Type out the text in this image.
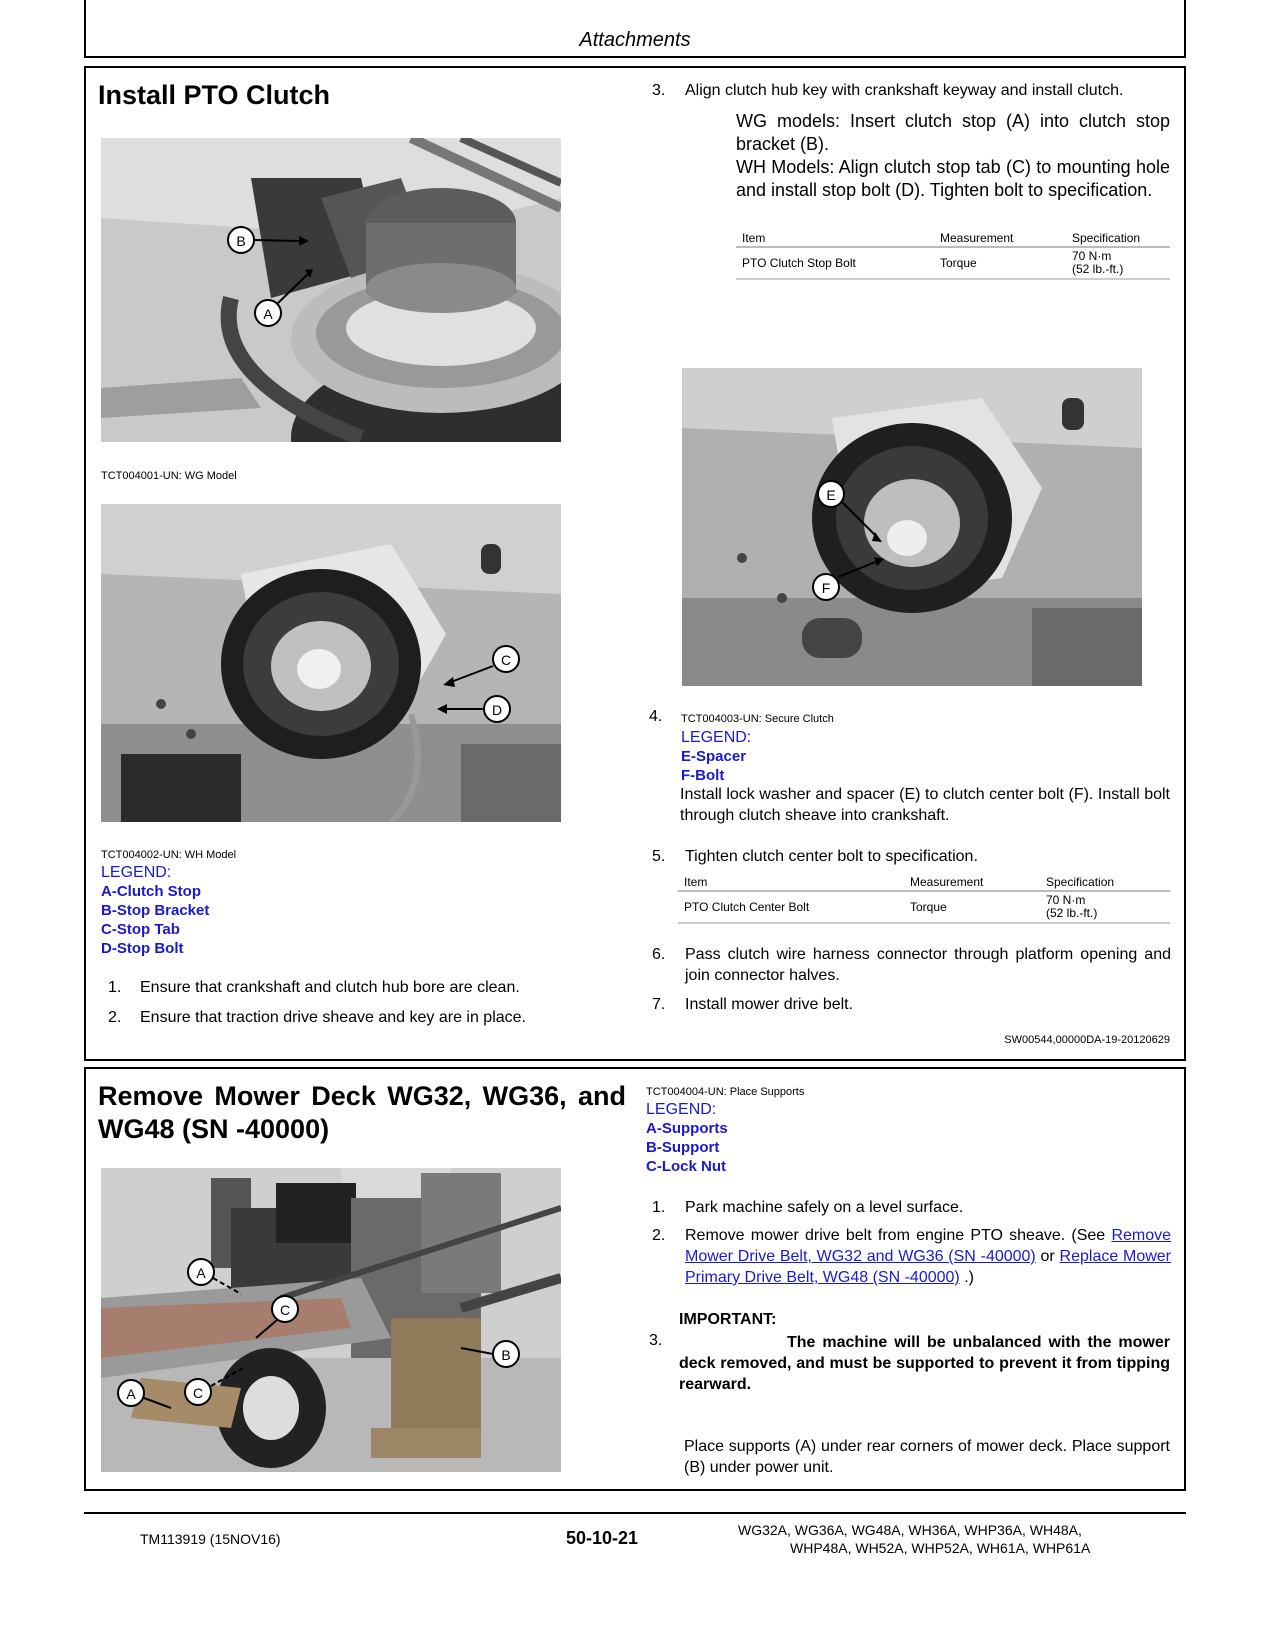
Attachments
Install PTO Clutch
B
A
TCT004001-UN: WG Model
C
D
TCT004002-UN: WH Model
LEGEND:
A-Clutch Stop
B-Stop Bracket
C-Stop Tab
D-Stop Bolt
1. Ensure that crankshaft and clutch hub bore are clean.
2. Ensure that traction drive sheave and key are in place.
3. Align clutch hub key with crankshaft keyway and install clutch.
WG models: Insert clutch stop (A) into clutch stop bracket (B).
WH Models: Align clutch stop tab (C) to mounting hole and install stop bolt (D). Tighten bolt to specification.
Item	Measurement	Specification
PTO Clutch Stop Bolt	Torque	70 N·m
(52 lb.-ft.)
E
F
4. TCT004003-UN: Secure Clutch
LEGEND:
E-Spacer
F-Bolt
Install lock washer and spacer (E) to clutch center bolt (F). Install bolt through clutch sheave into crankshaft.
5. Tighten clutch center bolt to specification.
Item	Measurement	Specification
PTO Clutch Center Bolt	Torque	70 N·m
(52 lb.-ft.)
6. Pass clutch wire harness connector through platform opening and join connector halves.
7. Install mower drive belt.
SW00544,00000DA-19-20120629
Remove Mower Deck WG32, WG36, and WG48 (SN -40000)
A
C
C
A
B
TCT004004-UN: Place Supports
LEGEND:
A-Supports
B-Support
C-Lock Nut
1. Park machine safely on a level surface.
2. Remove mower drive belt from engine PTO sheave. (See Remove Mower Drive Belt, WG32 and WG36 (SN -40000) or Replace Mower Primary Drive Belt, WG48 (SN -40000) .)
IMPORTANT:
3.	The machine will be unbalanced with the mower deck removed, and must be supported to prevent it from tipping rearward.
Place supports (A) under rear corners of mower deck. Place support (B) under power unit.
TM113919 (15NOV16)	50-10-21	WG32A, WG36A, WG48A, WH36A, WHP36A, WH48A,
WHP48A, WH52A, WHP52A, WH61A, WHP61A
